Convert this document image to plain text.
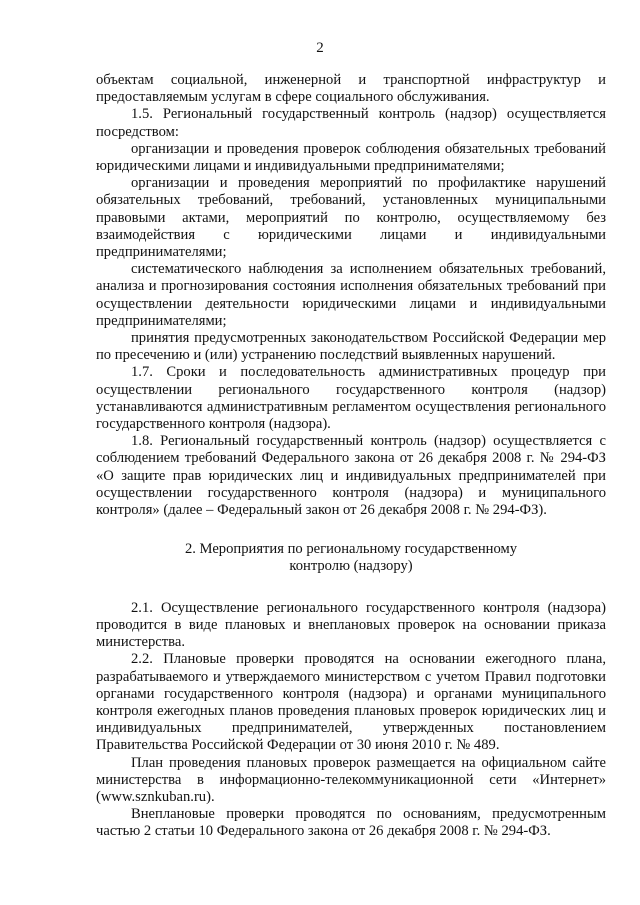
2

объектам социальной, инженерной и транспортной инфраструктур и предоставляемым услугам в сфере социального обслуживания.

1.5. Региональный государственный контроль (надзор) осуществляется посредством:

организации и проведения проверок соблюдения обязательных требований юридическими лицами и индивидуальными предпринимателями;

организации и проведения мероприятий по профилактике нарушений обязательных требований, требований, установленных муниципальными правовыми актами, мероприятий по контролю, осуществляемому без взаимодействия с юридическими лицами и индивидуальными предпринимателями;

систематического наблюдения за исполнением обязательных требований, анализа и прогнозирования состояния исполнения обязательных требований при осуществлении деятельности юридическими лицами и индивидуальными предпринимателями;

принятия предусмотренных законодательством Российской Федерации мер по пресечению и (или) устранению последствий выявленных нарушений.

1.7. Сроки и последовательность административных процедур при осуществлении регионального государственного контроля (надзор) устанавливаются административным регламентом осуществления регионального государственного контроля (надзора).

1.8. Региональный государственный контроль (надзор) осуществляется с соблюдением требований Федерального закона от 26 декабря 2008 г. № 294-ФЗ «О защите прав юридических лиц и индивидуальных предпринимателей при осуществлении государственного контроля (надзора) и муниципального контроля» (далее – Федеральный закон от 26 декабря 2008 г. № 294-ФЗ).

2. Мероприятия по региональному государственному
контролю (надзору)

2.1. Осуществление регионального государственного контроля (надзора) проводится в виде плановых и внеплановых проверок на основании приказа министерства.

2.2. Плановые проверки проводятся на основании ежегодного плана, разрабатываемого и утверждаемого министерством с учетом Правил подготовки органами государственного контроля (надзора) и органами муниципального контроля ежегодных планов проведения плановых проверок юридических лиц и индивидуальных предпринимателей, утвержденных постановлением Правительства Российской Федерации от 30 июня 2010 г. № 489.

План проведения плановых проверок размещается на официальном сайте министерства в информационно-телекоммуникационной сети «Интернет» (www.sznkuban.ru).

Внеплановые проверки проводятся по основаниям, предусмотренным частью 2 статьи 10 Федерального закона от 26 декабря 2008 г. № 294-ФЗ.
